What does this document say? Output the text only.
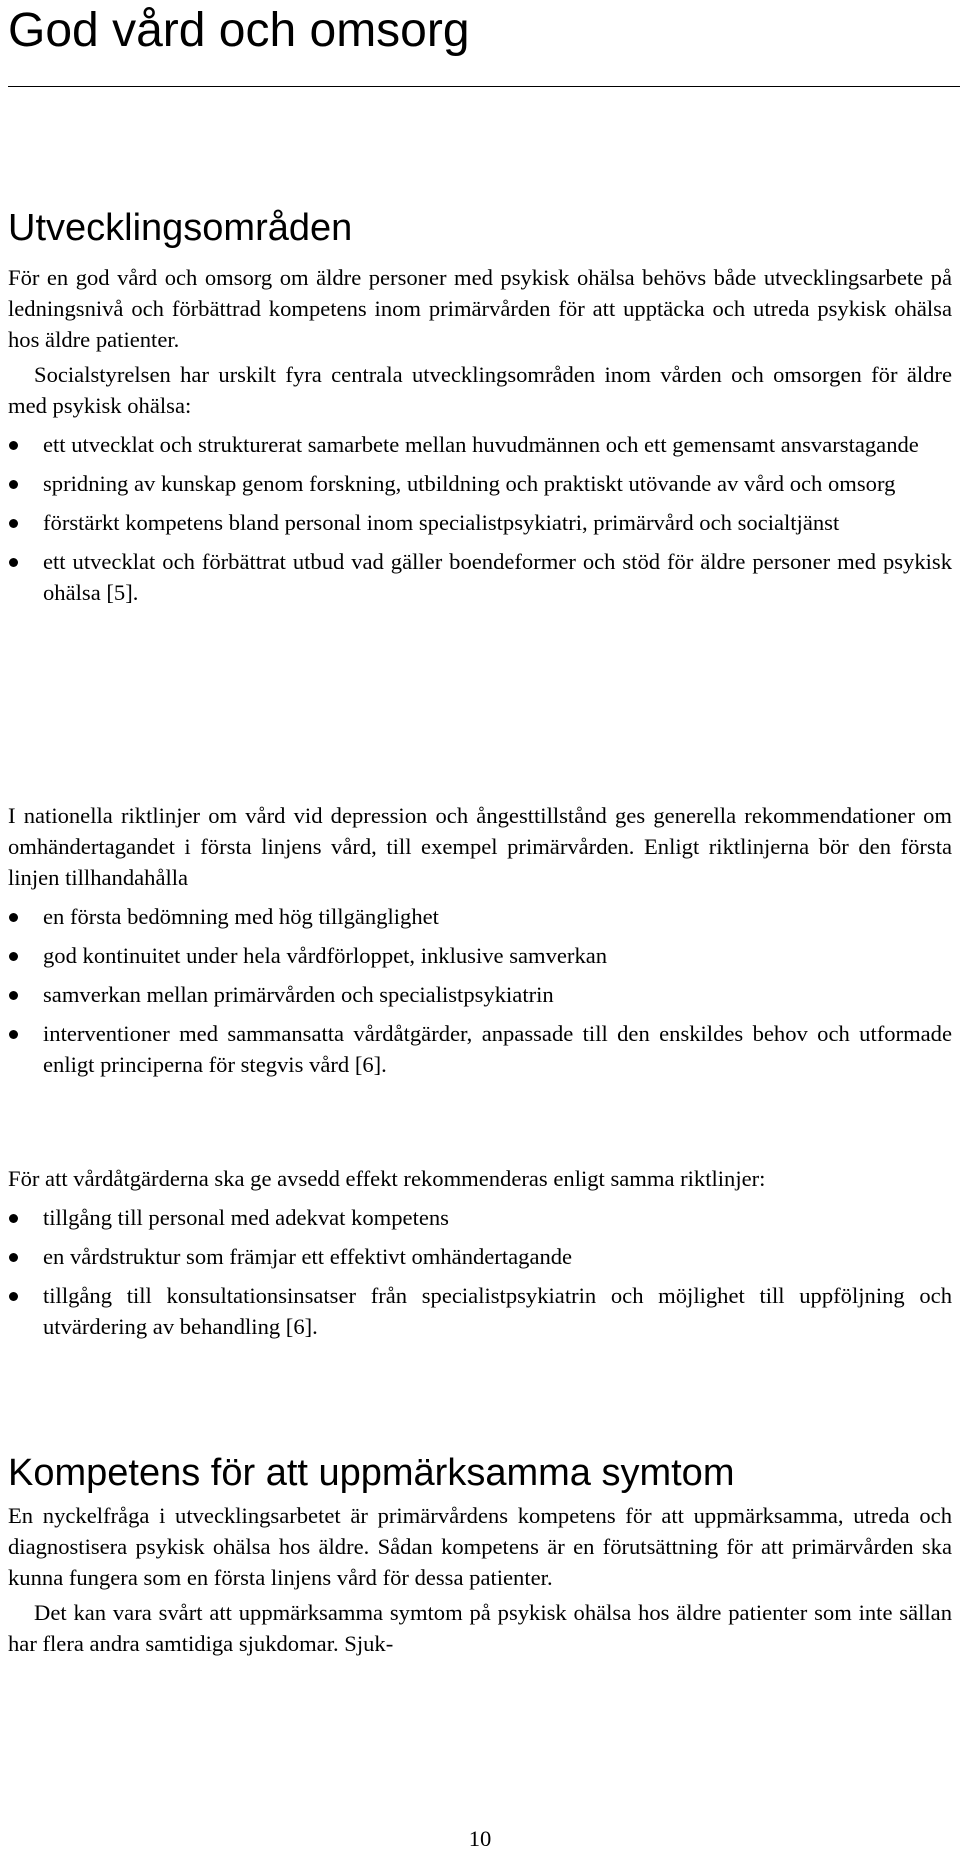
God vård och omsorg
Utvecklingsområden

För en god vård och omsorg om äldre personer med psykisk ohälsa behövs både utvecklingsarbete på ledningsnivå och förbättrad kompetens inom primärvården för att upptäcka och utreda psykisk ohälsa hos äldre patienter.

Socialstyrelsen har urskilt fyra centrala utvecklingsområden inom vården och omsorgen för äldre med psykisk ohälsa:

ett utvecklat och strukturerat samarbete mellan huvudmännen och ett gemensamt ansvarstagande
spridning av kunskap genom forskning, utbildning och praktiskt utövande av vård och omsorg
förstärkt kompetens bland personal inom specialistpsykiatri, primärvård och socialtjänst
ett utvecklat och förbättrat utbud vad gäller boendeformer och stöd för äldre personer med psykisk ohälsa [5].

I nationella riktlinjer om vård vid depression och ångesttillstånd ges generella rekommendationer om omhändertagandet i första linjens vård, till exempel primärvården. Enligt riktlinjerna bör den första linjen tillhandahålla

en första bedömning med hög tillgänglighet
god kontinuitet under hela vårdförloppet, inklusive samverkan
samverkan mellan primärvården och specialistpsykiatrin
interventioner med sammansatta vårdåtgärder, anpassade till den enskildes behov och utformade enligt principerna för stegvis vård [6].

För att vårdåtgärderna ska ge avsedd effekt rekommenderas enligt samma riktlinjer:

tillgång till personal med adekvat kompetens
en vårdstruktur som främjar ett effektivt omhändertagande
tillgång till konsultationsinsatser från specialistpsykiatrin och möjlighet till uppföljning och utvärdering av behandling [6].
Kompetens för att uppmärksamma symtom

En nyckelfråga i utvecklingsarbetet är primärvårdens kompetens för att uppmärksamma, utreda och diagnostisera psykisk ohälsa hos äldre. Sådan kompetens är en förutsättning för att primärvården ska kunna fungera som en första linjens vård för dessa patienter.

Det kan vara svårt att uppmärksamma symtom på psykisk ohälsa hos äldre patienter som inte sällan har flera andra samtidiga sjukdomar. Sjuk-

10
